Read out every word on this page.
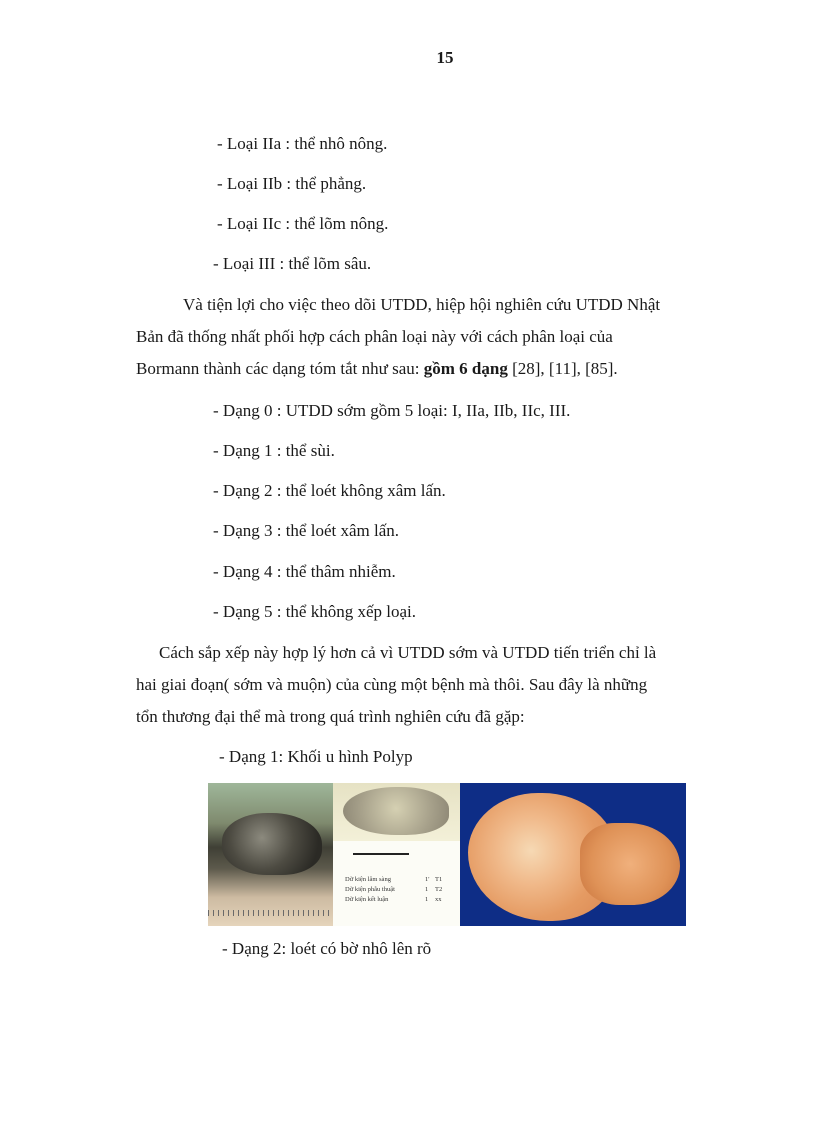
15
- Loại IIa : thể nhô nông.
- Loại IIb : thể phẳng.
- Loại IIc : thể lõm nông.
- Loại III : thể lõm sâu.

Và tiện lợi cho việc theo dõi UTDD, hiệp hội nghiên cứu UTDD Nhật

Bản đã thống nhất phối hợp cách phân loại này với cách phân loại của

Bormann thành các dạng tóm tắt như sau: gồm 6 dạng [28], [11], [85].

- Dạng 0 : UTDD sớm gồm 5 loại: I, IIa, IIb, IIc, III.
- Dạng 1 : thể sùi.
- Dạng 2 : thể loét không xâm lấn.
- Dạng 3 : thể loét xâm lấn.
- Dạng 4 : thể thâm nhiễm.
- Dạng 5 : thể không xếp loại.

Cách sắp xếp này hợp lý hơn cả vì UTDD sớm và UTDD tiến triển chỉ là

hai giai đoạn( sớm và muộn) của cùng một bệnh mà thôi. Sau đây là những

tổn thương đại thể mà trong quá trình nghiên cứu đã gặp:

- Dạng 1: Khối u hình Polyp
Dữ kiện lâm sàng	1' T1
Dữ kiện phẫu thuật	1	T2
Dữ kiện kết luận	1	xx
- Dạng 2: loét có bờ nhô lên rõ
